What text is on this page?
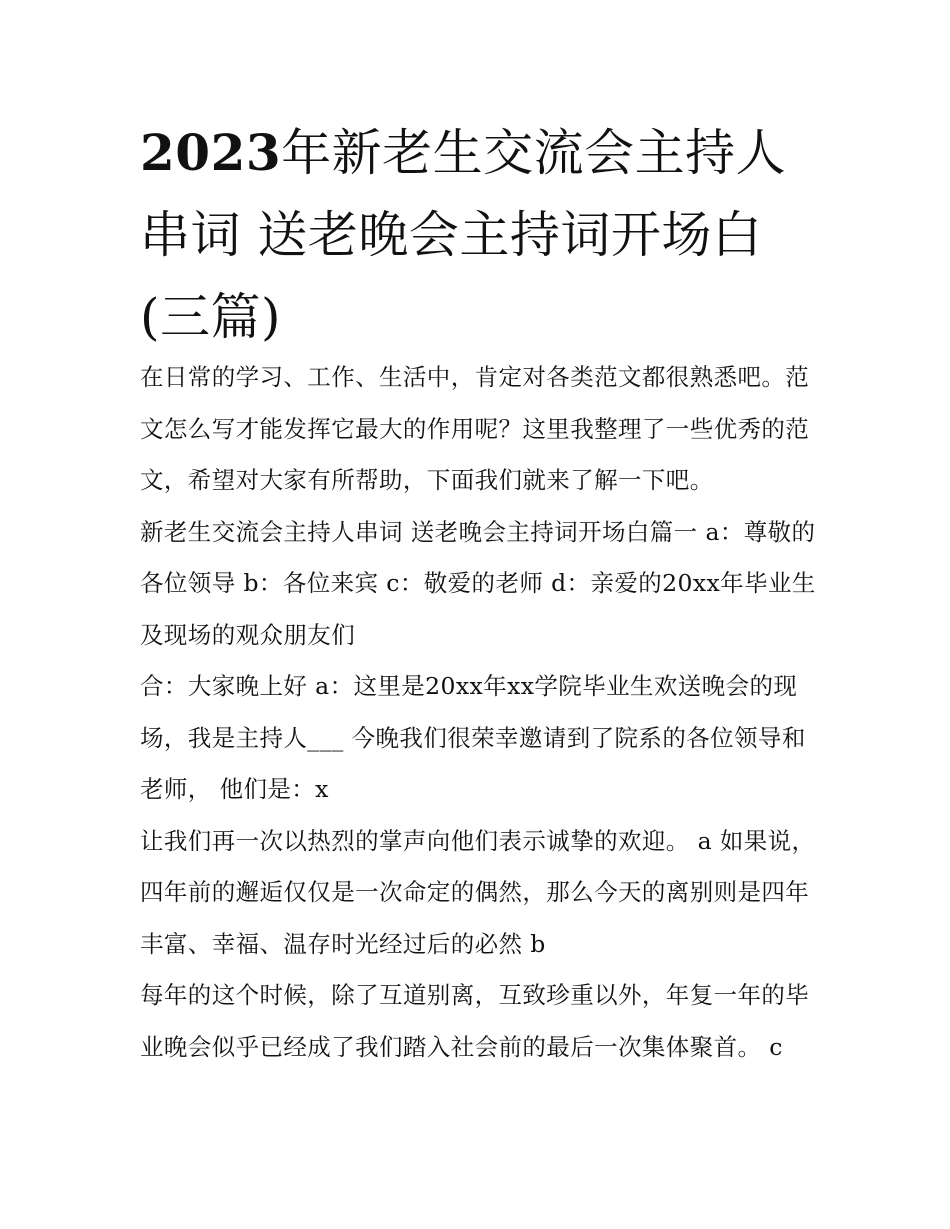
2023年新老生交流会主持人串词 送老晚会主持词开场白(三篇)

在日常的学习、工作、生活中，肯定对各类范文都很熟悉吧。范文怎么写才能发挥它最大的作用呢？这里我整理了一些优秀的范文，希望对大家有所帮助，下面我们就来了解一下吧。

新老生交流会主持人串词 送老晚会主持词开场白篇一 a：尊敬的各位领导 b：各位来宾 c：敬爱的老师 d：亲爱的20xx年毕业生及现场的观众朋友们

合：大家晚上好 a：这里是20xx年xx学院毕业生欢送晚会的现场，我是主持人___ 今晚我们很荣幸邀请到了院系的各位领导和老师， 他们是：x

让我们再一次以热烈的掌声向他们表示诚挚的欢迎。 a 如果说，四年前的邂逅仅仅是一次命定的偶然，那么今天的离别则是四年丰富、幸福、温存时光经过后的必然 b

每年的这个时候，除了互道别离，互致珍重以外，年复一年的毕业晚会似乎已经成了我们踏入社会前的最后一次集体聚首。 c
